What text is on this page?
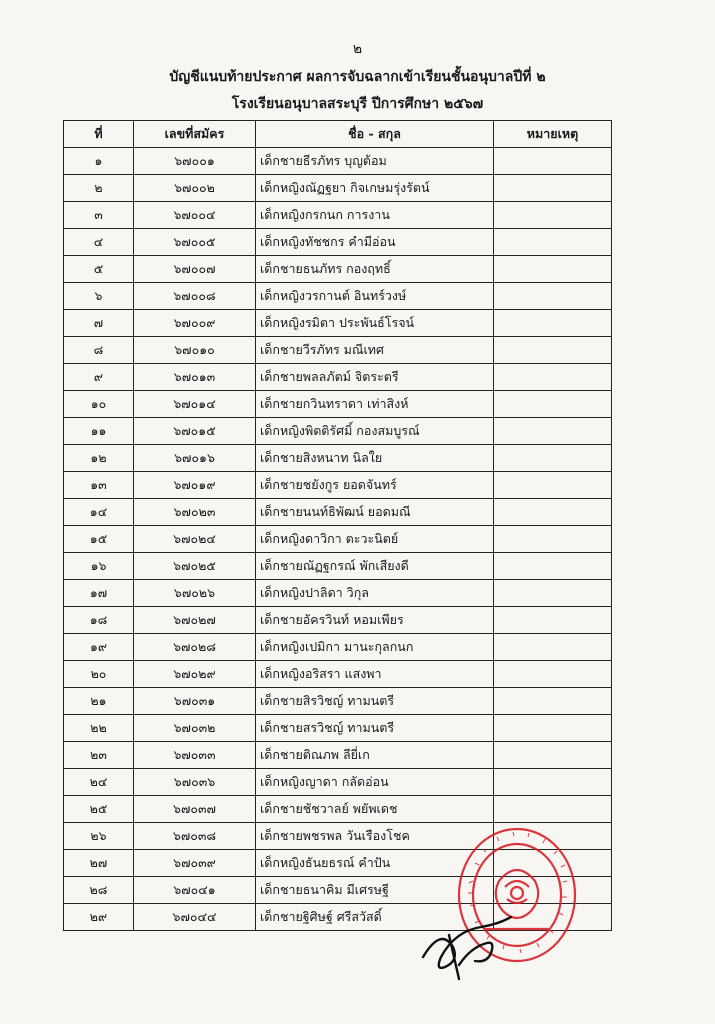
๒
บัญชีแนบท้ายประกาศ ผลการจับฉลากเข้าเรียนชั้นอนุบาลปีที่ ๒
โรงเรียนอนุบาลสระบุรี ปีการศึกษา ๒๕๖๗
ที่	เลขที่สมัคร	ชื่อ - สกุล	หมายเหตุ
๑	๖๗๐๐๑	เด็กชายธีรภัทร บุญต้อม	
๒	๖๗๐๐๒	เด็กหญิงณัฏฐยา กิจเกษมรุ่งรัตน์	
๓	๖๗๐๐๔	เด็กหญิงกรกนก การงาน	
๔	๖๗๐๐๕	เด็กหญิงทัชชกร คำมีอ่อน	
๕	๖๗๐๐๗	เด็กชายธนภัทร กองฤทธิ์	
๖	๖๗๐๐๘	เด็กหญิงวรกานต์ อินทร์วงษ์	
๗	๖๗๐๐๙	เด็กหญิงรมิตา ประพันธ์โรจน์	
๘	๖๗๐๑๐	เด็กชายวีรภัทร มณีเทศ	
๙	๖๗๐๑๓	เด็กชายพลลภัตม์ จิตระตรี	
๑๐	๖๗๐๑๔	เด็กชายกวินทราดา เท่าสิงห์	
๑๑	๖๗๐๑๕	เด็กหญิงพิตติรัศมิ์ กองสมบูรณ์	
๑๒	๖๗๐๑๖	เด็กชายสิงหนาท นิลใย	
๑๓	๖๗๐๑๙	เด็กชายชยังกูร ยอดจันทร์	
๑๔	๖๗๐๒๓	เด็กชายนนท์ธิพัฒน์ ยอดมณี	
๑๕	๖๗๐๒๔	เด็กหญิงดาวิกา ตะวะนิตย์	
๑๖	๖๗๐๒๕	เด็กชายณัฏฐกรณ์ พักเสียงดี	
๑๗	๖๗๐๒๖	เด็กหญิงปาลิดา วิกุล	
๑๘	๖๗๐๒๗	เด็กชายอัครวินท์ หอมเพียร	
๑๙	๖๗๐๒๘	เด็กหญิงเปมิกา มานะกุลกนก	
๒๐	๖๗๐๒๙	เด็กหญิงอริสรา แสงพา	
๒๑	๖๗๐๓๑	เด็กชายสิรวิชญ์ ทามนตรี	
๒๒	๖๗๐๓๒	เด็กชายสรวิชญ์ ทามนตรี	
๒๓	๖๗๐๓๓	เด็กชายติณภพ ลียี่เก	
๒๔	๖๗๐๓๖	เด็กหญิงญาดา กลัดอ่อน	
๒๕	๖๗๐๓๗	เด็กชายชัชวาลย์ พยัพเดช	
๒๖	๖๗๐๓๘	เด็กชายพชรพล วันเรืองโชค	
๒๗	๖๗๐๓๙	เด็กหญิงธันยธรณ์ คำปัน	
๒๘	๖๗๐๔๑	เด็กชายธนาคิม มีเศรษฐี	
๒๙	๖๗๐๔๔	เด็กชายฐิศิษฐ์ ศรีสวัสดิ์	
